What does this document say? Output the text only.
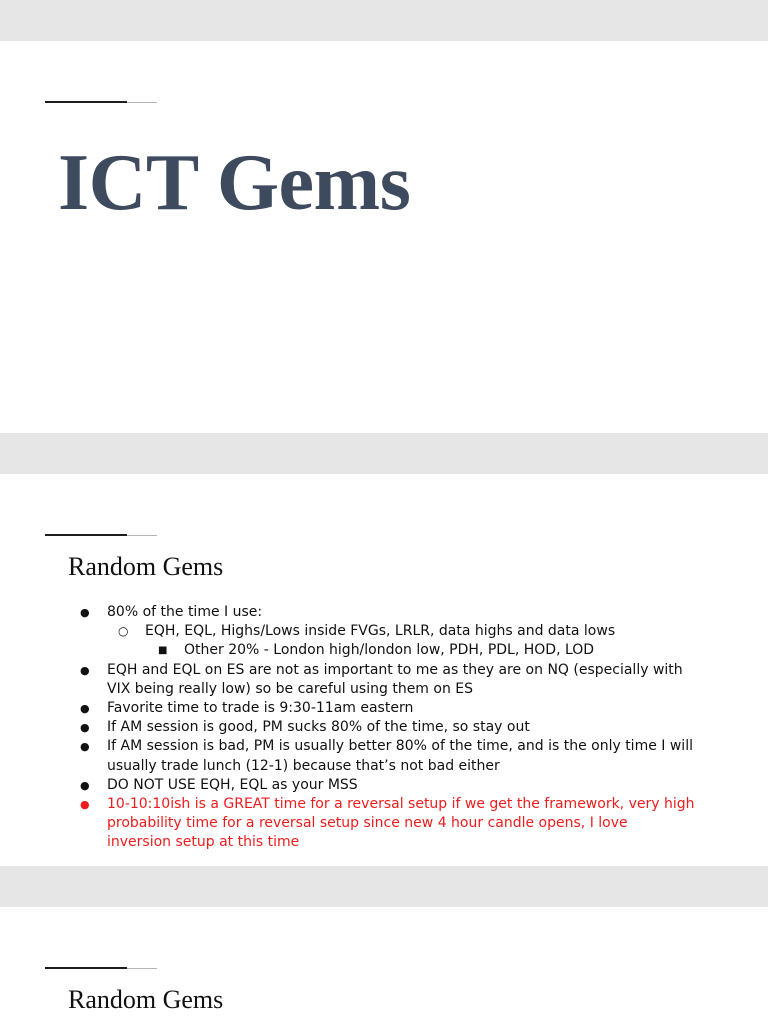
ICT Gems
Random Gems
● 80% of the time I use:
○ EQH, EQL, Highs/Lows inside FVGs, LRLR, data highs and data lows
■ Other 20% - London high/london low, PDH, PDL, HOD, LOD
● EQH and EQL on ES are not as important to me as they are on NQ (especially with VIX being really low) so be careful using them on ES
● Favorite time to trade is 9:30-11am eastern
● If AM session is good, PM sucks 80% of the time, so stay out
● If AM session is bad, PM is usually better 80% of the time, and is the only time I will usually trade lunch (12-1) because that’s not bad either
● DO NOT USE EQH, EQL as your MSS
● 10-10:10ish is a GREAT time for a reversal setup if we get the framework, very high probability time for a reversal setup since new 4 hour candle opens, I love inversion setup at this time
Random Gems
